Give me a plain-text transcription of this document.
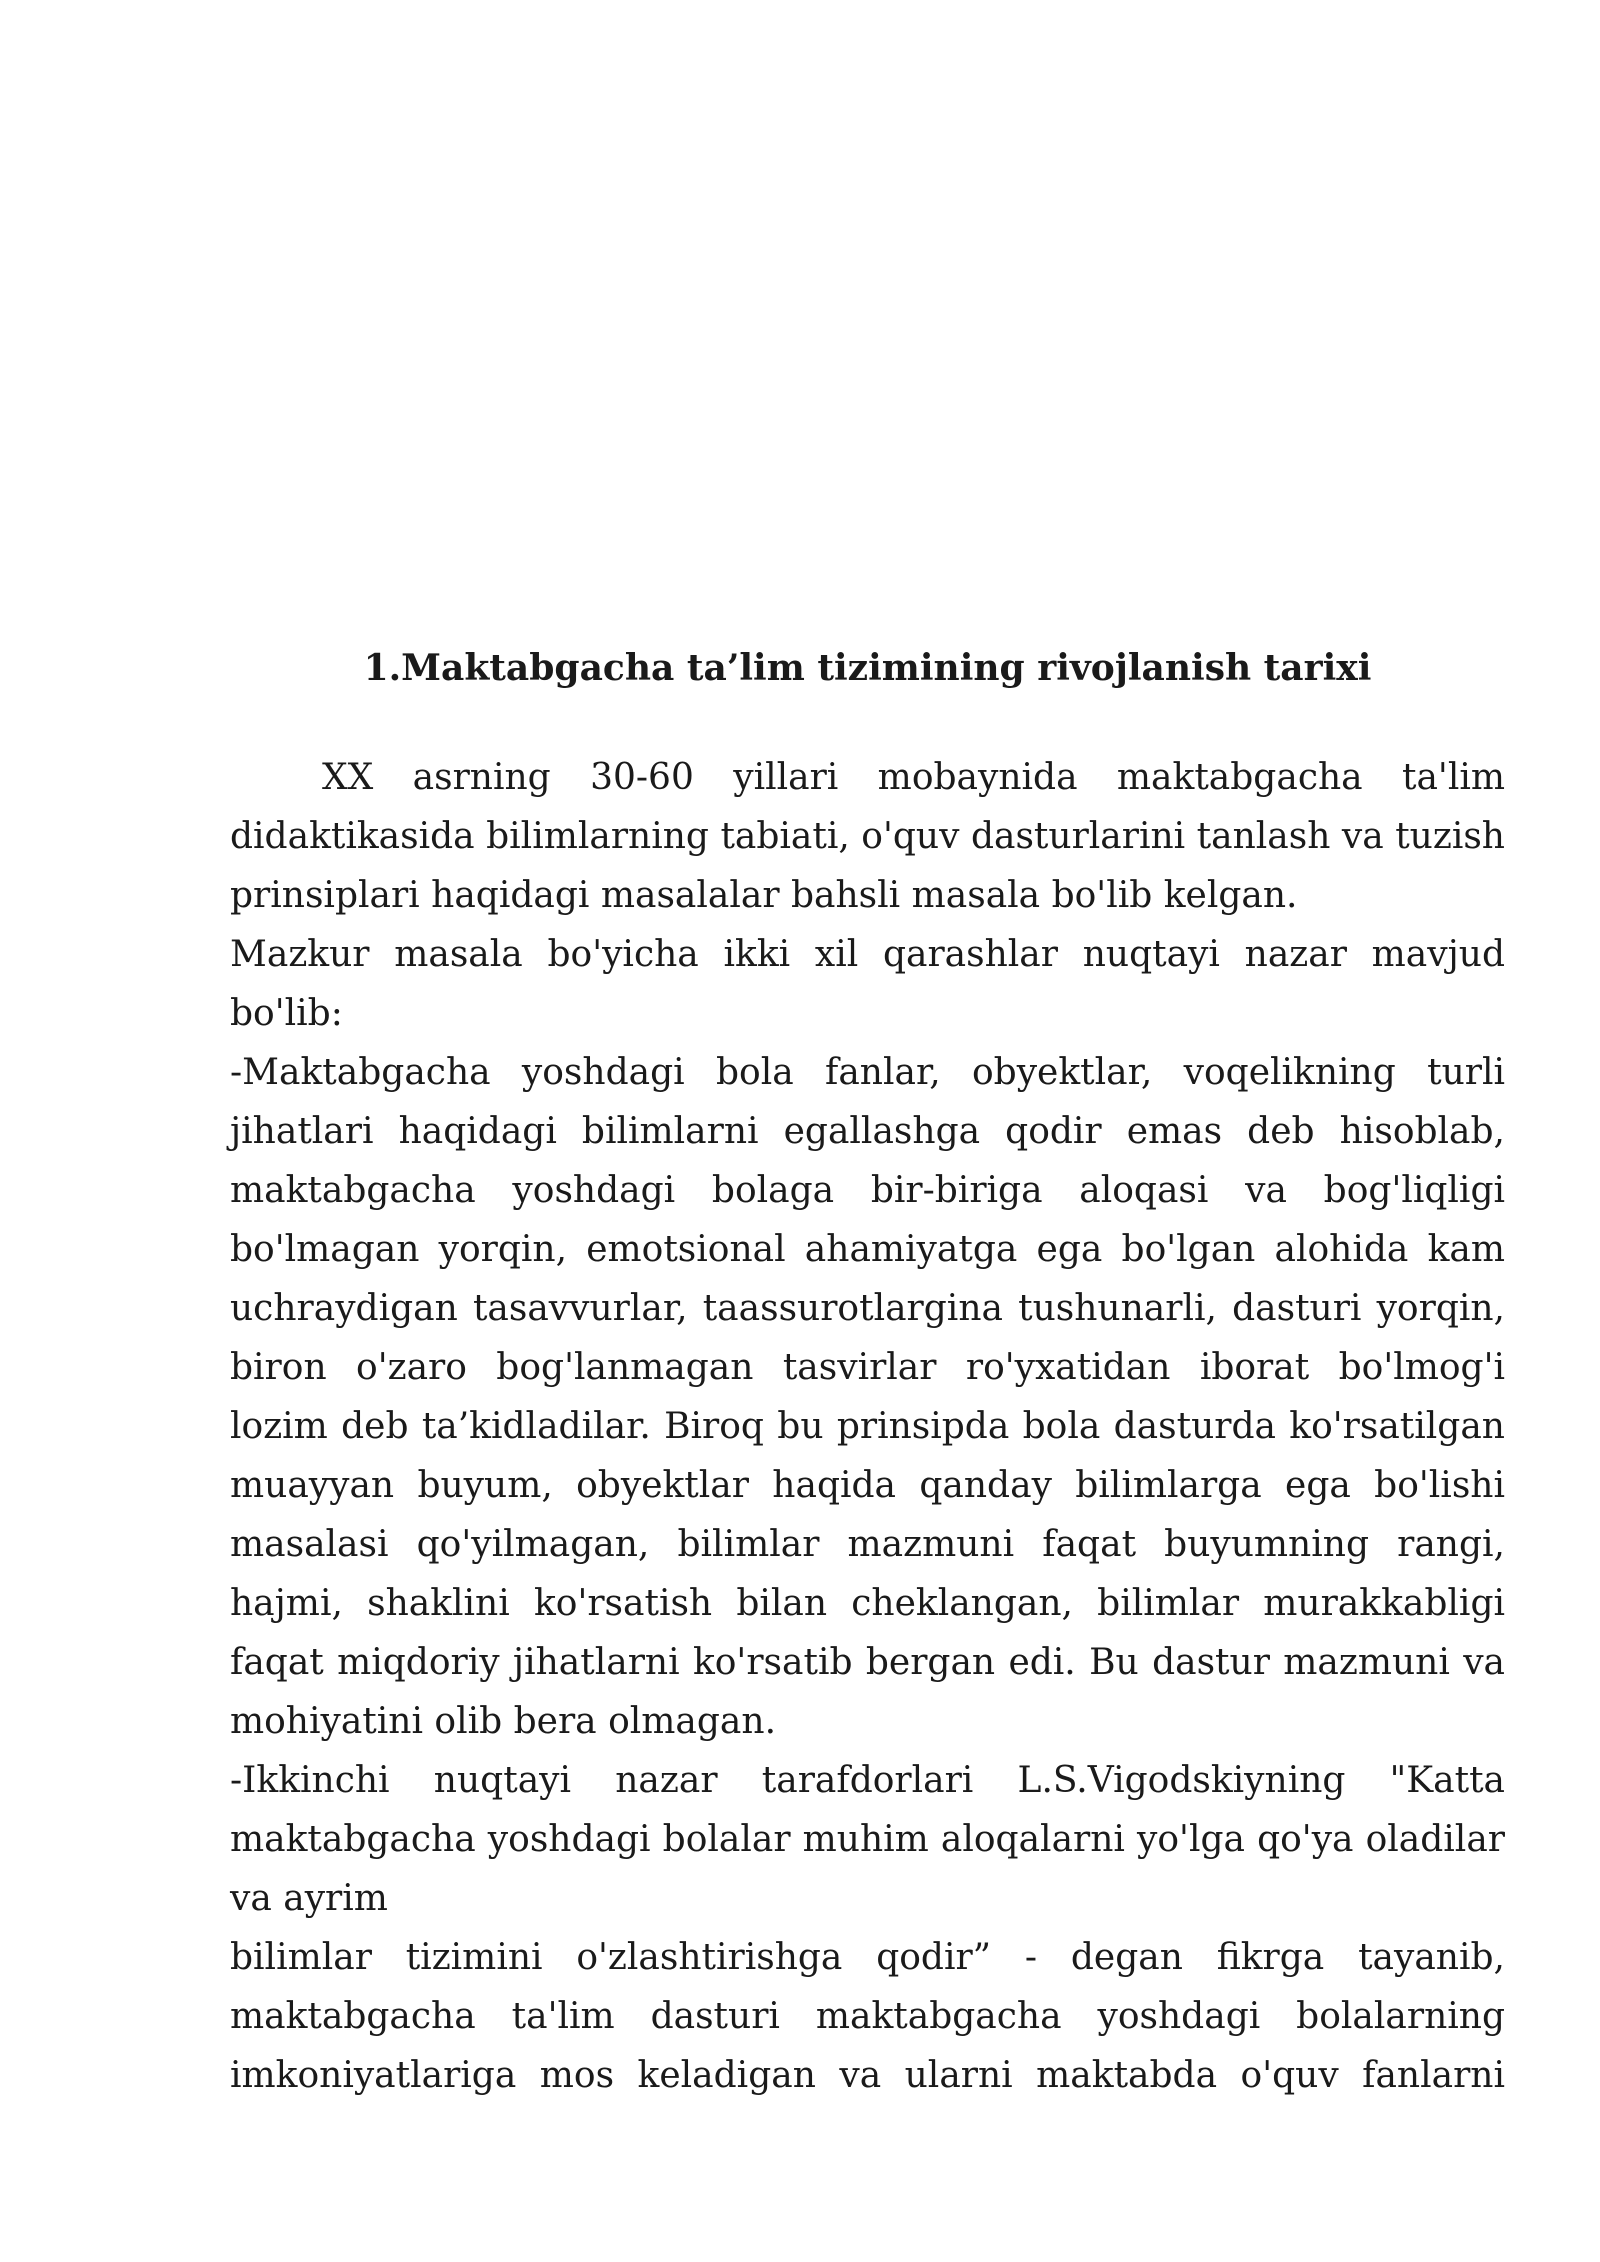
1.Maktabgacha ta’lim tizimining rivojlanish tarixi

XX asrning 30-60 yillari mobaynida maktabgacha ta'lim didaktikasida bilimlarning tabiati, o'quv dasturlarini tanlash va tuzish prinsiplari haqidagi masalalar bahsli masala bo'lib kelgan.

Mazkur masala bo'yicha ikki xil qarashlar nuqtayi nazar mavjud bo'lib:

-Maktabgacha yoshdagi bola fanlar, obyektlar, voqelikning turli jihatlari haqidagi bilimlarni egallashga qodir emas deb hisoblab, maktabgacha yoshdagi bolaga bir-biriga aloqasi va bog'liqligi bo'lmagan yorqin, emotsional ahamiyatga ega bo'lgan alohida kam uchraydigan tasavvurlar, taassurotlargina tushunarli, dasturi yorqin, biron o'zaro bog'lanmagan tasvirlar ro'yxatidan iborat bo'lmog'i lozim deb ta’kidladilar. Biroq bu prinsipda bola dasturda ko'rsatilgan muayyan buyum, obyektlar haqida qanday bilimlarga ega bo'lishi masalasi qo'yilmagan, bilimlar mazmuni faqat buyumning rangi, hajmi, shaklini ko'rsatish bilan cheklangan, bilimlar murakkabligi faqat miqdoriy jihatlarni ko'rsatib bergan edi. Bu dastur mazmuni va mohiyatini olib bera olmagan.

-Ikkinchi nuqtayi nazar tarafdorlari L.S.Vigodskiyning "Katta maktabgacha yoshdagi bolalar muhim aloqalarni yo'lga qo'ya oladilar va ayrim

bilimlar tizimini o'zlashtirishga qodir” - degan fikrga tayanib, maktabgacha ta'lim dasturi maktabgacha yoshdagi bolalarning imkoniyatlariga mos keladigan va ularni maktabda o'quv fanlarni
